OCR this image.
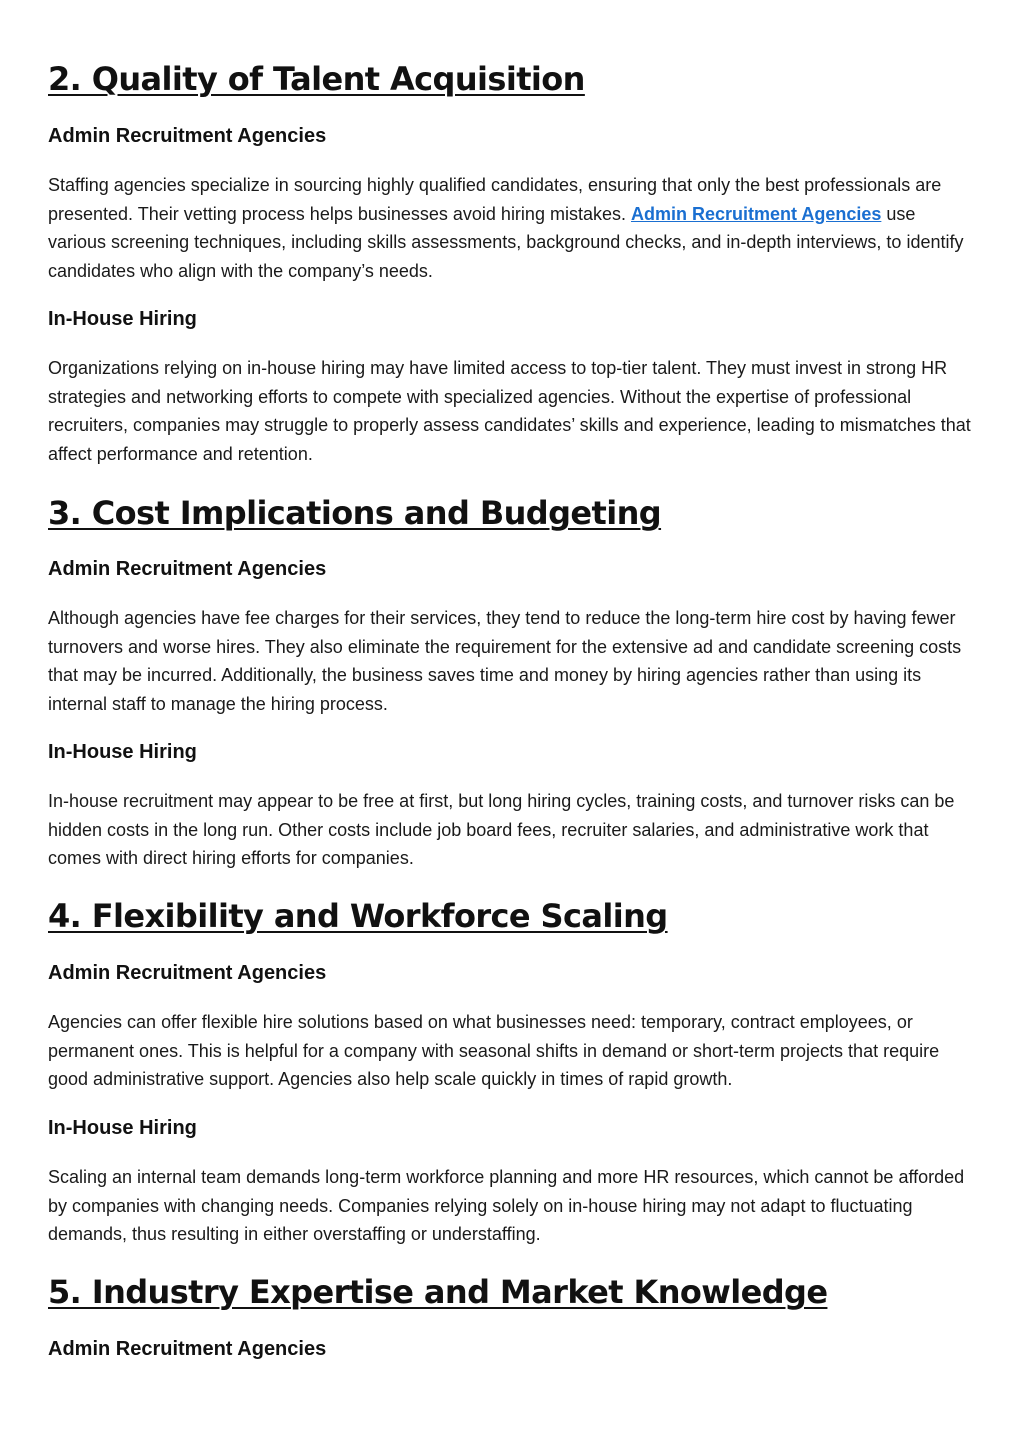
2. Quality of Talent Acquisition
Admin Recruitment Agencies

Staffing agencies specialize in sourcing highly qualified candidates, ensuring that only the best professionals are presented. Their vetting process helps businesses avoid hiring mistakes. Admin Recruitment Agencies use various screening techniques, including skills assessments, background checks, and in-depth interviews, to identify candidates who align with the company’s needs.

In-House Hiring

Organizations relying on in-house hiring may have limited access to top-tier talent. They must invest in strong HR strategies and networking efforts to compete with specialized agencies. Without the expertise of professional recruiters, companies may struggle to properly assess candidates’ skills and experience, leading to mismatches that affect performance and retention.

3. Cost Implications and Budgeting
Admin Recruitment Agencies

Although agencies have fee charges for their services, they tend to reduce the long-term hire cost by having fewer turnovers and worse hires. They also eliminate the requirement for the extensive ad and candidate screening costs that may be incurred. Additionally, the business saves time and money by hiring agencies rather than using its internal staff to manage the hiring process.

In-House Hiring

In-house recruitment may appear to be free at first, but long hiring cycles, training costs, and turnover risks can be hidden costs in the long run. Other costs include job board fees, recruiter salaries, and administrative work that comes with direct hiring efforts for companies.

4. Flexibility and Workforce Scaling
Admin Recruitment Agencies

Agencies can offer flexible hire solutions based on what businesses need: temporary, contract employees, or permanent ones. This is helpful for a company with seasonal shifts in demand or short-term projects that require good administrative support. Agencies also help scale quickly in times of rapid growth.

In-House Hiring

Scaling an internal team demands long-term workforce planning and more HR resources, which cannot be afforded by companies with changing needs. Companies relying solely on in-house hiring may not adapt to fluctuating demands, thus resulting in either overstaffing or understaffing.

5. Industry Expertise and Market Knowledge
Admin Recruitment Agencies
